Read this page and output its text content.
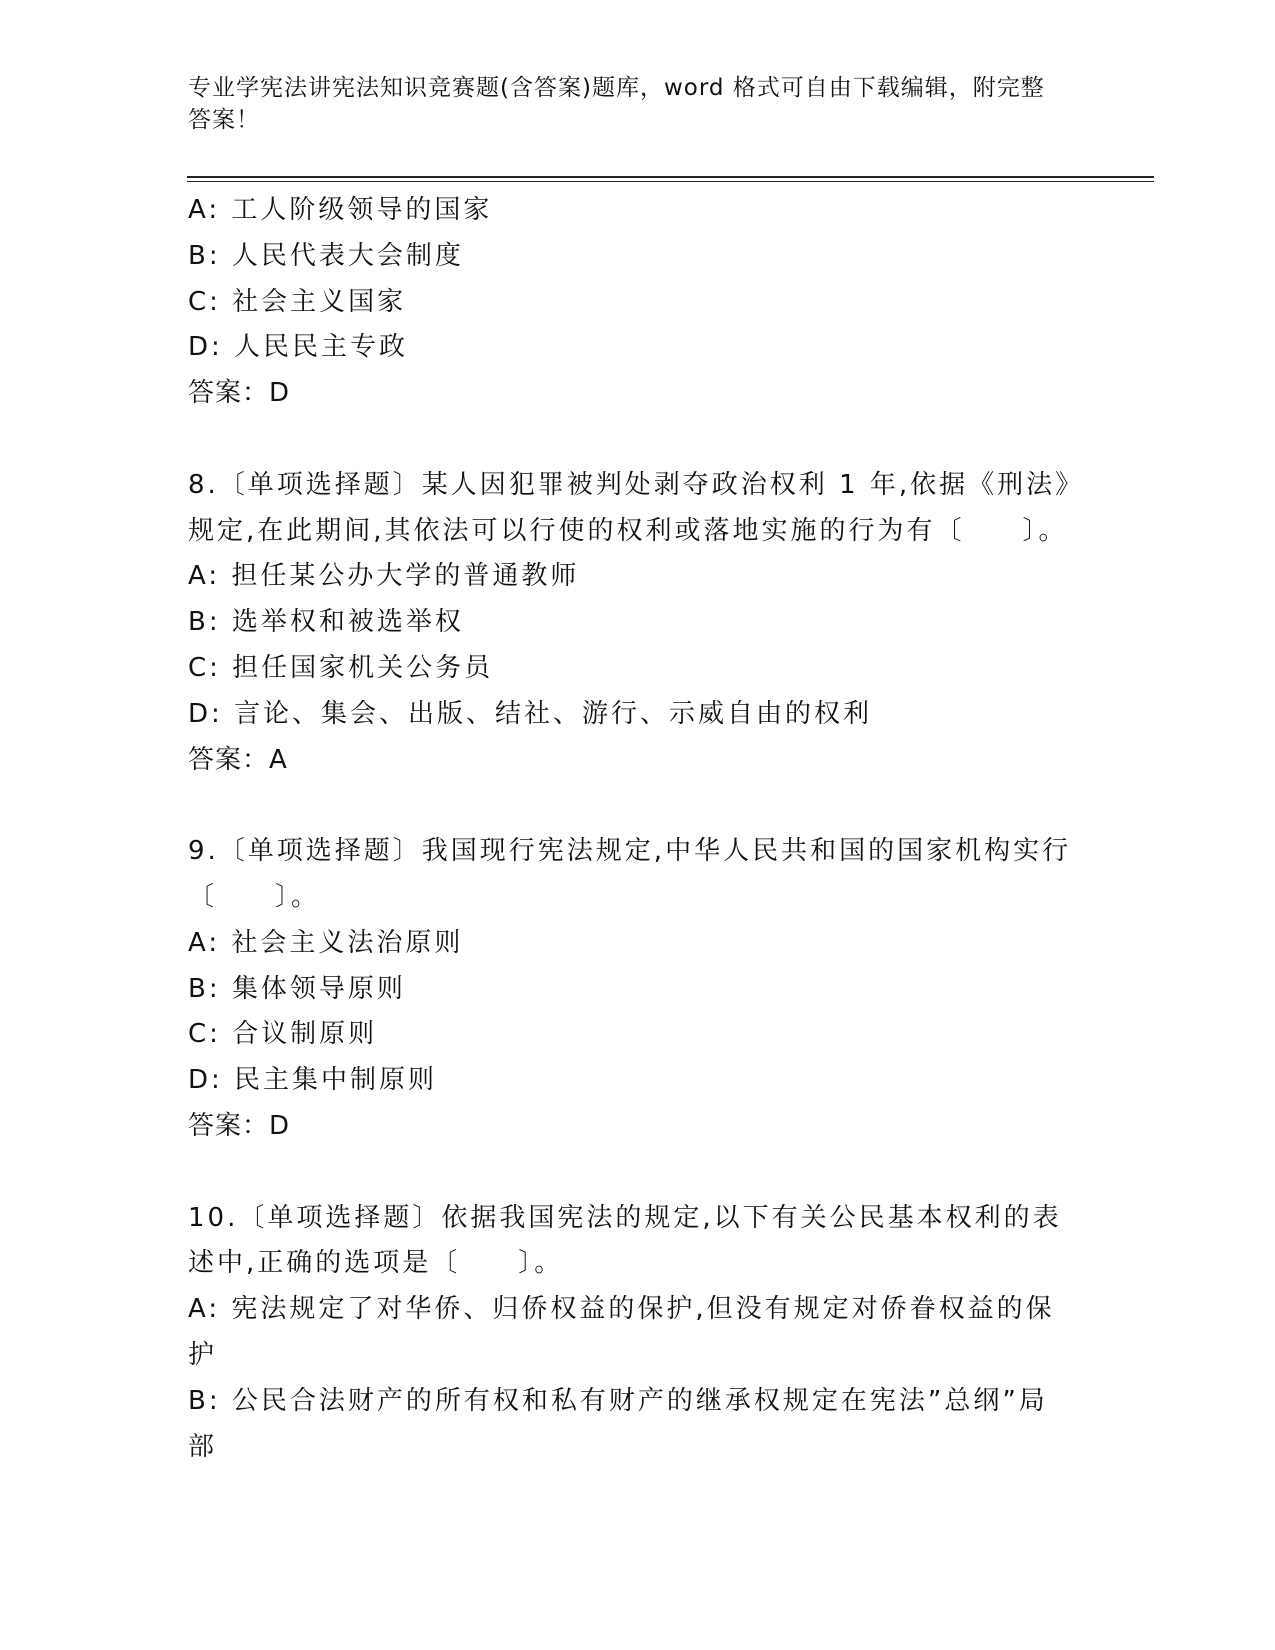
专业学宪法讲宪法知识竞赛题(含答案)题库，word 格式可自由下载编辑，附完整
答案！
A: 工人阶级领导的国家
B: 人民代表大会制度
C: 社会主义国家
D: 人民民主专政
答案：D
8.〔单项选择题〕某人因犯罪被判处剥夺政治权利 1 年,依据《刑法》
规定,在此期间,其依法可以行使的权利或落地实施的行为有〔　　〕。
A: 担任某公办大学的普通教师
B: 选举权和被选举权
C: 担任国家机关公务员
D: 言论、集会、出版、结社、游行、示威自由的权利
答案：A
9.〔单项选择题〕我国现行宪法规定,中华人民共和国的国家机构实行
〔　　〕。
A: 社会主义法治原则
B: 集体领导原则
C: 合议制原则
D: 民主集中制原则
答案：D
10.〔单项选择题〕依据我国宪法的规定,以下有关公民基本权利的表
述中,正确的选项是〔　　〕。
A: 宪法规定了对华侨、归侨权益的保护,但没有规定对侨眷权益的保
护
B: 公民合法财产的所有权和私有财产的继承权规定在宪法”总纲”局
部
